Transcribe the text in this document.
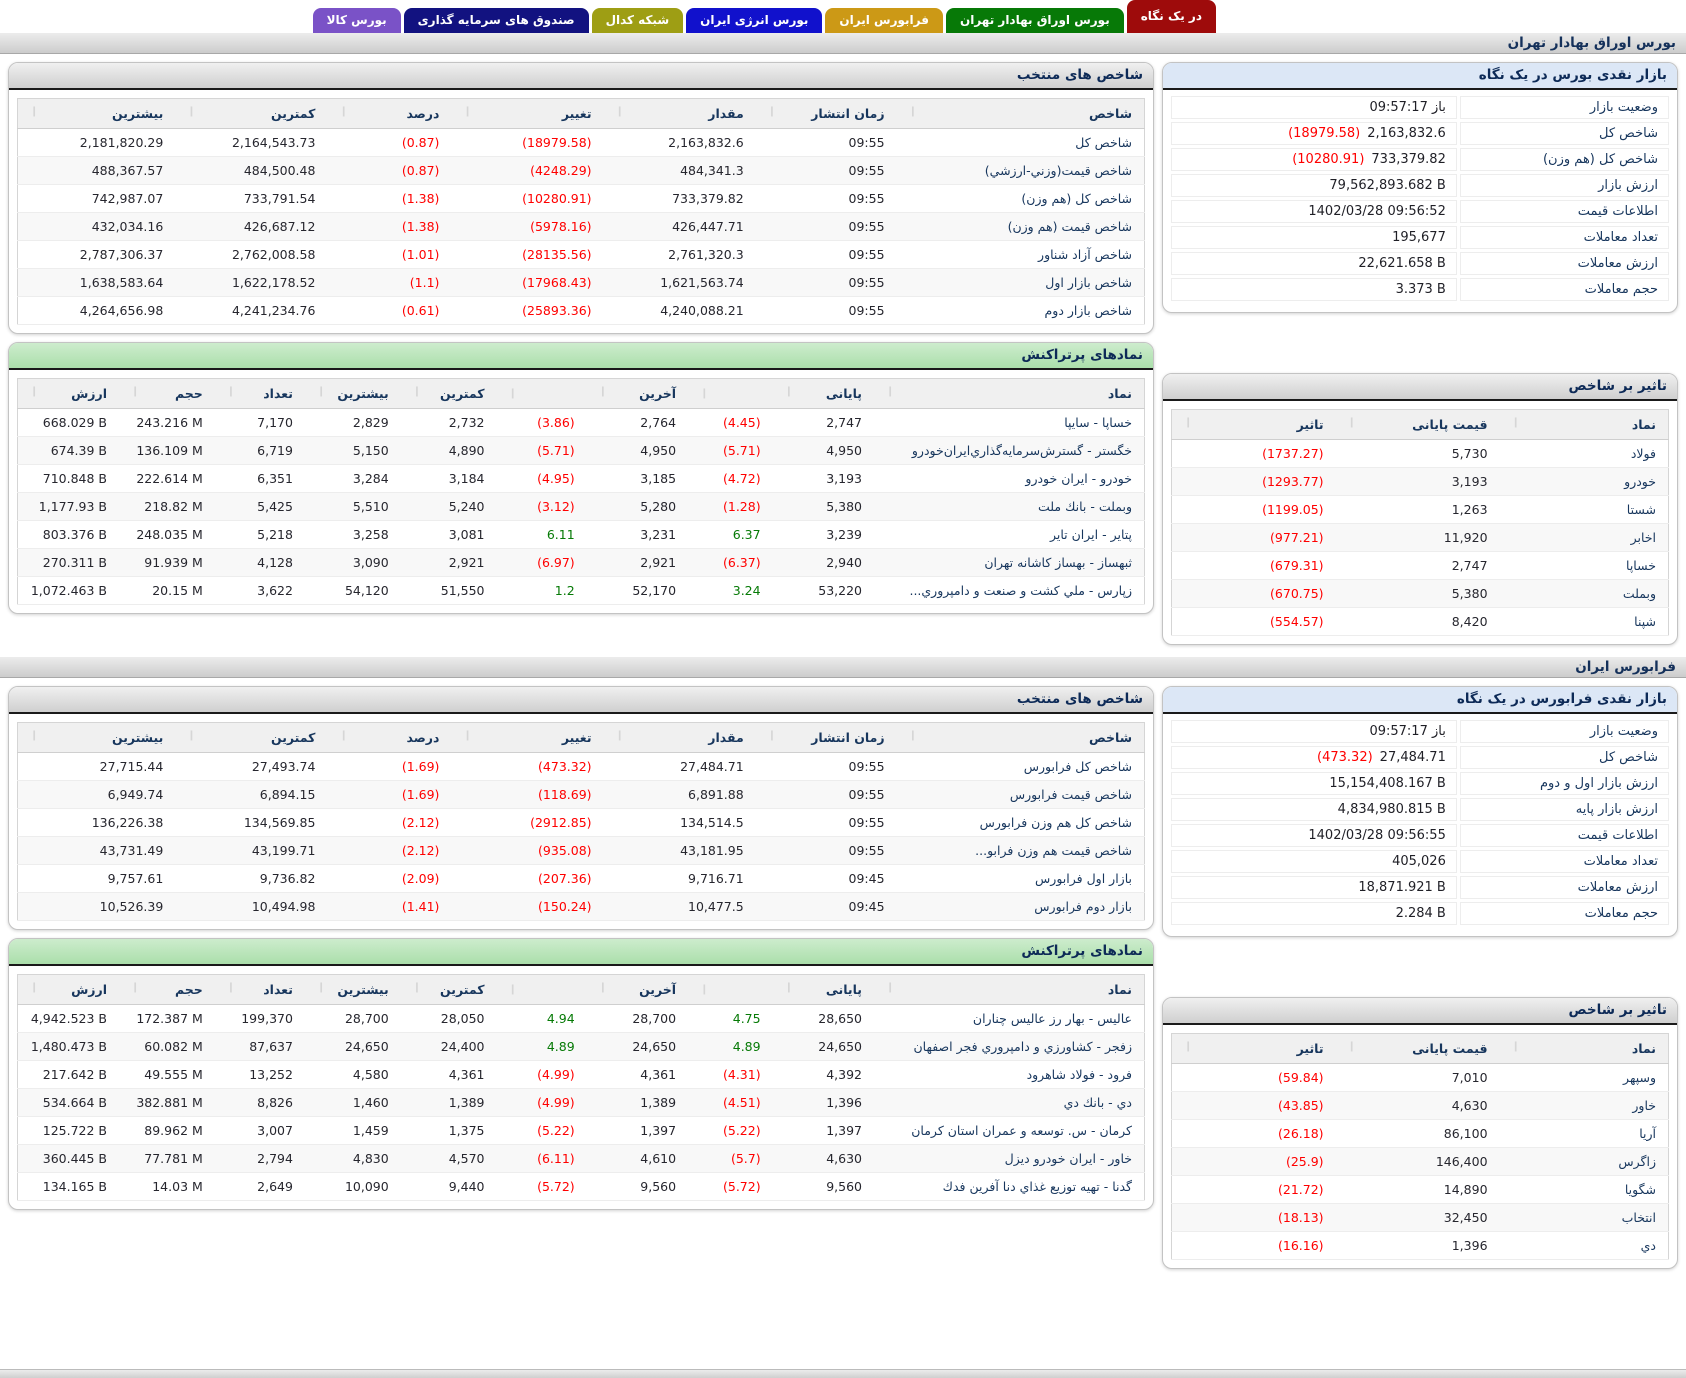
در یک نگاه
بورس اوراق بهادار تهران
فرابورس ایران
بورس انرژی ایران
شبکه کدال
صندوق های سرمایه گذاری
بورس کالا
بورس اوراق بهادار تهران
بازار نقدی بورس در یک نگاه
وضعیت بازار
باز 09:57:17
شاخص کل
2,163,832.6
(18979.58)
شاخص کل (هم وزن)
733,379.82
(10280.91)
ارزش بازار
79,562,893.682 B
اطلاعات قیمت
1402/03/28 09:56:52
تعداد معاملات
195,677
ارزش معاملات
22,621.658 B
حجم معاملات
3.373 B
تاثیر بر شاخص
نماد ❙	قیمت پایانی ❙	تاثیر ❙
فولاد	5,730	(1737.27)
خودرو	3,193	(1293.77)
شستا	1,263	(1199.05)
اخابر	11,920	(977.21)
خساپا	2,747	(679.31)
وبملت	5,380	(670.75)
شپنا	8,420	(554.57)
شاخص های منتخب
شاخص ❙	زمان انتشار ❙	مقدار ❙	تغییر ❙	درصد ❙	کمترین ❙	بیشترین ❙
شاخص کل	09:55	2,163,832.6	(18979.58)	(0.87)	2,164,543.73	2,181,820.29
شاخص قيمت(وزني-ارزشي)	09:55	484,341.3	(4248.29)	(0.87)	484,500.48	488,367.57
شاخص كل (هم وزن)	09:55	733,379.82	(10280.91)	(1.38)	733,791.54	742,987.07
شاخص قيمت (هم وزن)	09:55	426,447.71	(5978.16)	(1.38)	426,687.12	432,034.16
شاخص آزاد شناور	09:55	2,761,320.3	(28135.56)	(1.01)	2,762,008.58	2,787,306.37
شاخص بازار اول	09:55	1,621,563.74	(17968.43)	(1.1)	1,622,178.52	1,638,583.64
شاخص بازار دوم	09:55	4,240,088.21	(25893.36)	(0.61)	4,241,234.76	4,264,656.98
نمادهای پرتراکنش
نماد ❙	پایانی ❙	❙	آخرین ❙	❙	کمترین ❙	بیشترین ❙	تعداد ❙	حجم ❙	ارزش ❙
خساپا - سایپا	2,747	(4.45)	2,764	(3.86)	2,732	2,829	7,170	243.216 M	668.029 B
خگستر - گسترش‌سرمایه‌گذاري‌ایران‌خودرو	4,950	(5.71)	4,950	(5.71)	4,890	5,150	6,719	136.109 M	674.39 B
خودرو - ایران خودرو	3,193	(4.72)	3,185	(4.95)	3,184	3,284	6,351	222.614 M	710.848 B
وبملت - بانك ملت	5,380	(1.28)	5,280	(3.12)	5,240	5,510	5,425	218.82 M	1,177.93 B
پتایر - ایران تایر	3,239	6.37	3,231	6.11	3,081	3,258	5,218	248.035 M	803.376 B
ثبهساز - بهساز کاشانه تهران	2,940	(6.37)	2,921	(6.97)	2,921	3,090	4,128	91.939 M	270.311 B
زپارس - ملي کشت و صنعت و دامپروري...	53,220	3.24	52,170	1.2	51,550	54,120	3,622	20.15 M	1,072.463 B
فرابورس ایران
بازار نقدی فرابورس در یک نگاه
وضعیت بازار
باز 09:57:17
شاخص کل
27,484.71
(473.32)
ارزش بازار اول و دوم
15,154,408.167 B
ارزش بازار پایه
4,834,980.815 B
اطلاعات قیمت
1402/03/28 09:56:55
تعداد معاملات
405,026
ارزش معاملات
18,871.921 B
حجم معاملات
2.284 B
تاثیر بر شاخص
نماد ❙	قیمت پایانی ❙	تاثیر ❙
وسپهر	7,010	(59.84)
خاور	4,630	(43.85)
آریا	86,100	(26.18)
زاگرس	146,400	(25.9)
شگویا	14,890	(21.72)
انتخاب	32,450	(18.13)
دي	1,396	(16.16)
شاخص های منتخب
شاخص ❙	زمان انتشار ❙	مقدار ❙	تغییر ❙	درصد ❙	کمترین ❙	بیشترین ❙
شاخص کل فرابورس	09:55	27,484.71	(473.32)	(1.69)	27,493.74	27,715.44
شاخص قیمت فرابورس	09:55	6,891.88	(118.69)	(1.69)	6,894.15	6,949.74
شاخص کل هم وزن فرابورس	09:55	134,514.5	(2912.85)	(2.12)	134,569.85	136,226.38
شاخص قیمت هم وزن فرابو...	09:55	43,181.95	(935.08)	(2.12)	43,199.71	43,731.49
بازار اول فرابورس	09:45	9,716.71	(207.36)	(2.09)	9,736.82	9,757.61
بازار دوم فرابورس	09:45	10,477.5	(150.24)	(1.41)	10,494.98	10,526.39
نمادهای پرتراکنش
نماد ❙	پایانی ❙	❙	آخرین ❙	❙	کمترین ❙	بیشترین ❙	تعداد ❙	حجم ❙	ارزش ❙
عالیس - بهار رز عالیس چناران	28,650	4.75	28,700	4.94	28,050	28,700	199,370	172.387 M	4,942.523 B
زفجر - کشاورزي و دامپروري فجر اصفهان	24,650	4.89	24,650	4.89	24,400	24,650	87,637	60.082 M	1,480.473 B
فرود - فولاد شاهرود	4,392	(4.31)	4,361	(4.99)	4,361	4,580	13,252	49.555 M	217.642 B
دي - بانك دي	1,396	(4.51)	1,389	(4.99)	1,389	1,460	8,826	382.881 M	534.664 B
کرمان - س. توسعه و عمران استان کرمان	1,397	(5.22)	1,397	(5.22)	1,375	1,459	3,007	89.962 M	125.722 B
خاور - ایران خودرو دیزل	4,630	(5.7)	4,610	(6.11)	4,570	4,830	2,794	77.781 M	360.445 B
گدنا - تهیه توزیع غذاي دنا آفرین فدك	9,560	(5.72)	9,560	(5.72)	9,440	10,090	2,649	14.03 M	134.165 B
